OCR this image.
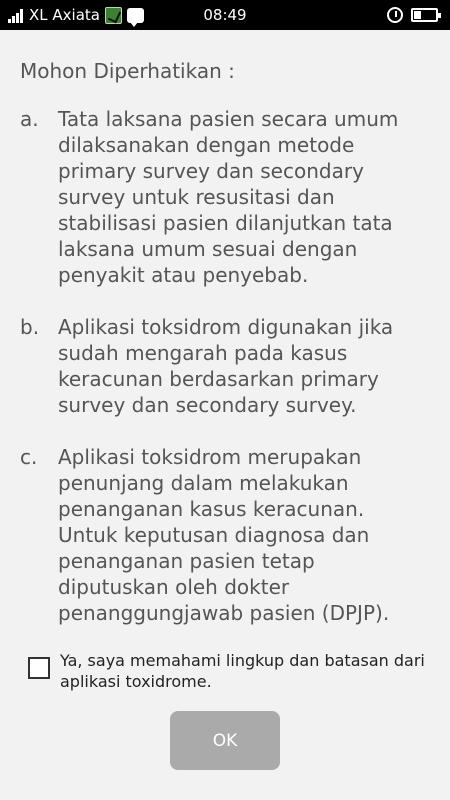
XL Axiata	08:49
Mohon Diperhatikan :
a. Tata laksana pasien secara umum dilaksanakan dengan metode primary survey dan secondary survey untuk resusitasi dan stabilisasi pasien dilanjutkan tata laksana umum sesuai dengan penyakit atau penyebab.
b. Aplikasi toksidrom digunakan jika sudah mengarah pada kasus keracunan berdasarkan primary survey dan secondary survey.
c.	Aplikasi toksidrom merupakan penunjang dalam melakukan penanganan kasus keracunan. Untuk keputusan diagnosa dan penanganan pasien tetap diputuskan oleh dokter penanggungjawab pasien (DPJP).
Ya, saya memahami lingkup dan batasan dari aplikasi toxidrome.
OK
